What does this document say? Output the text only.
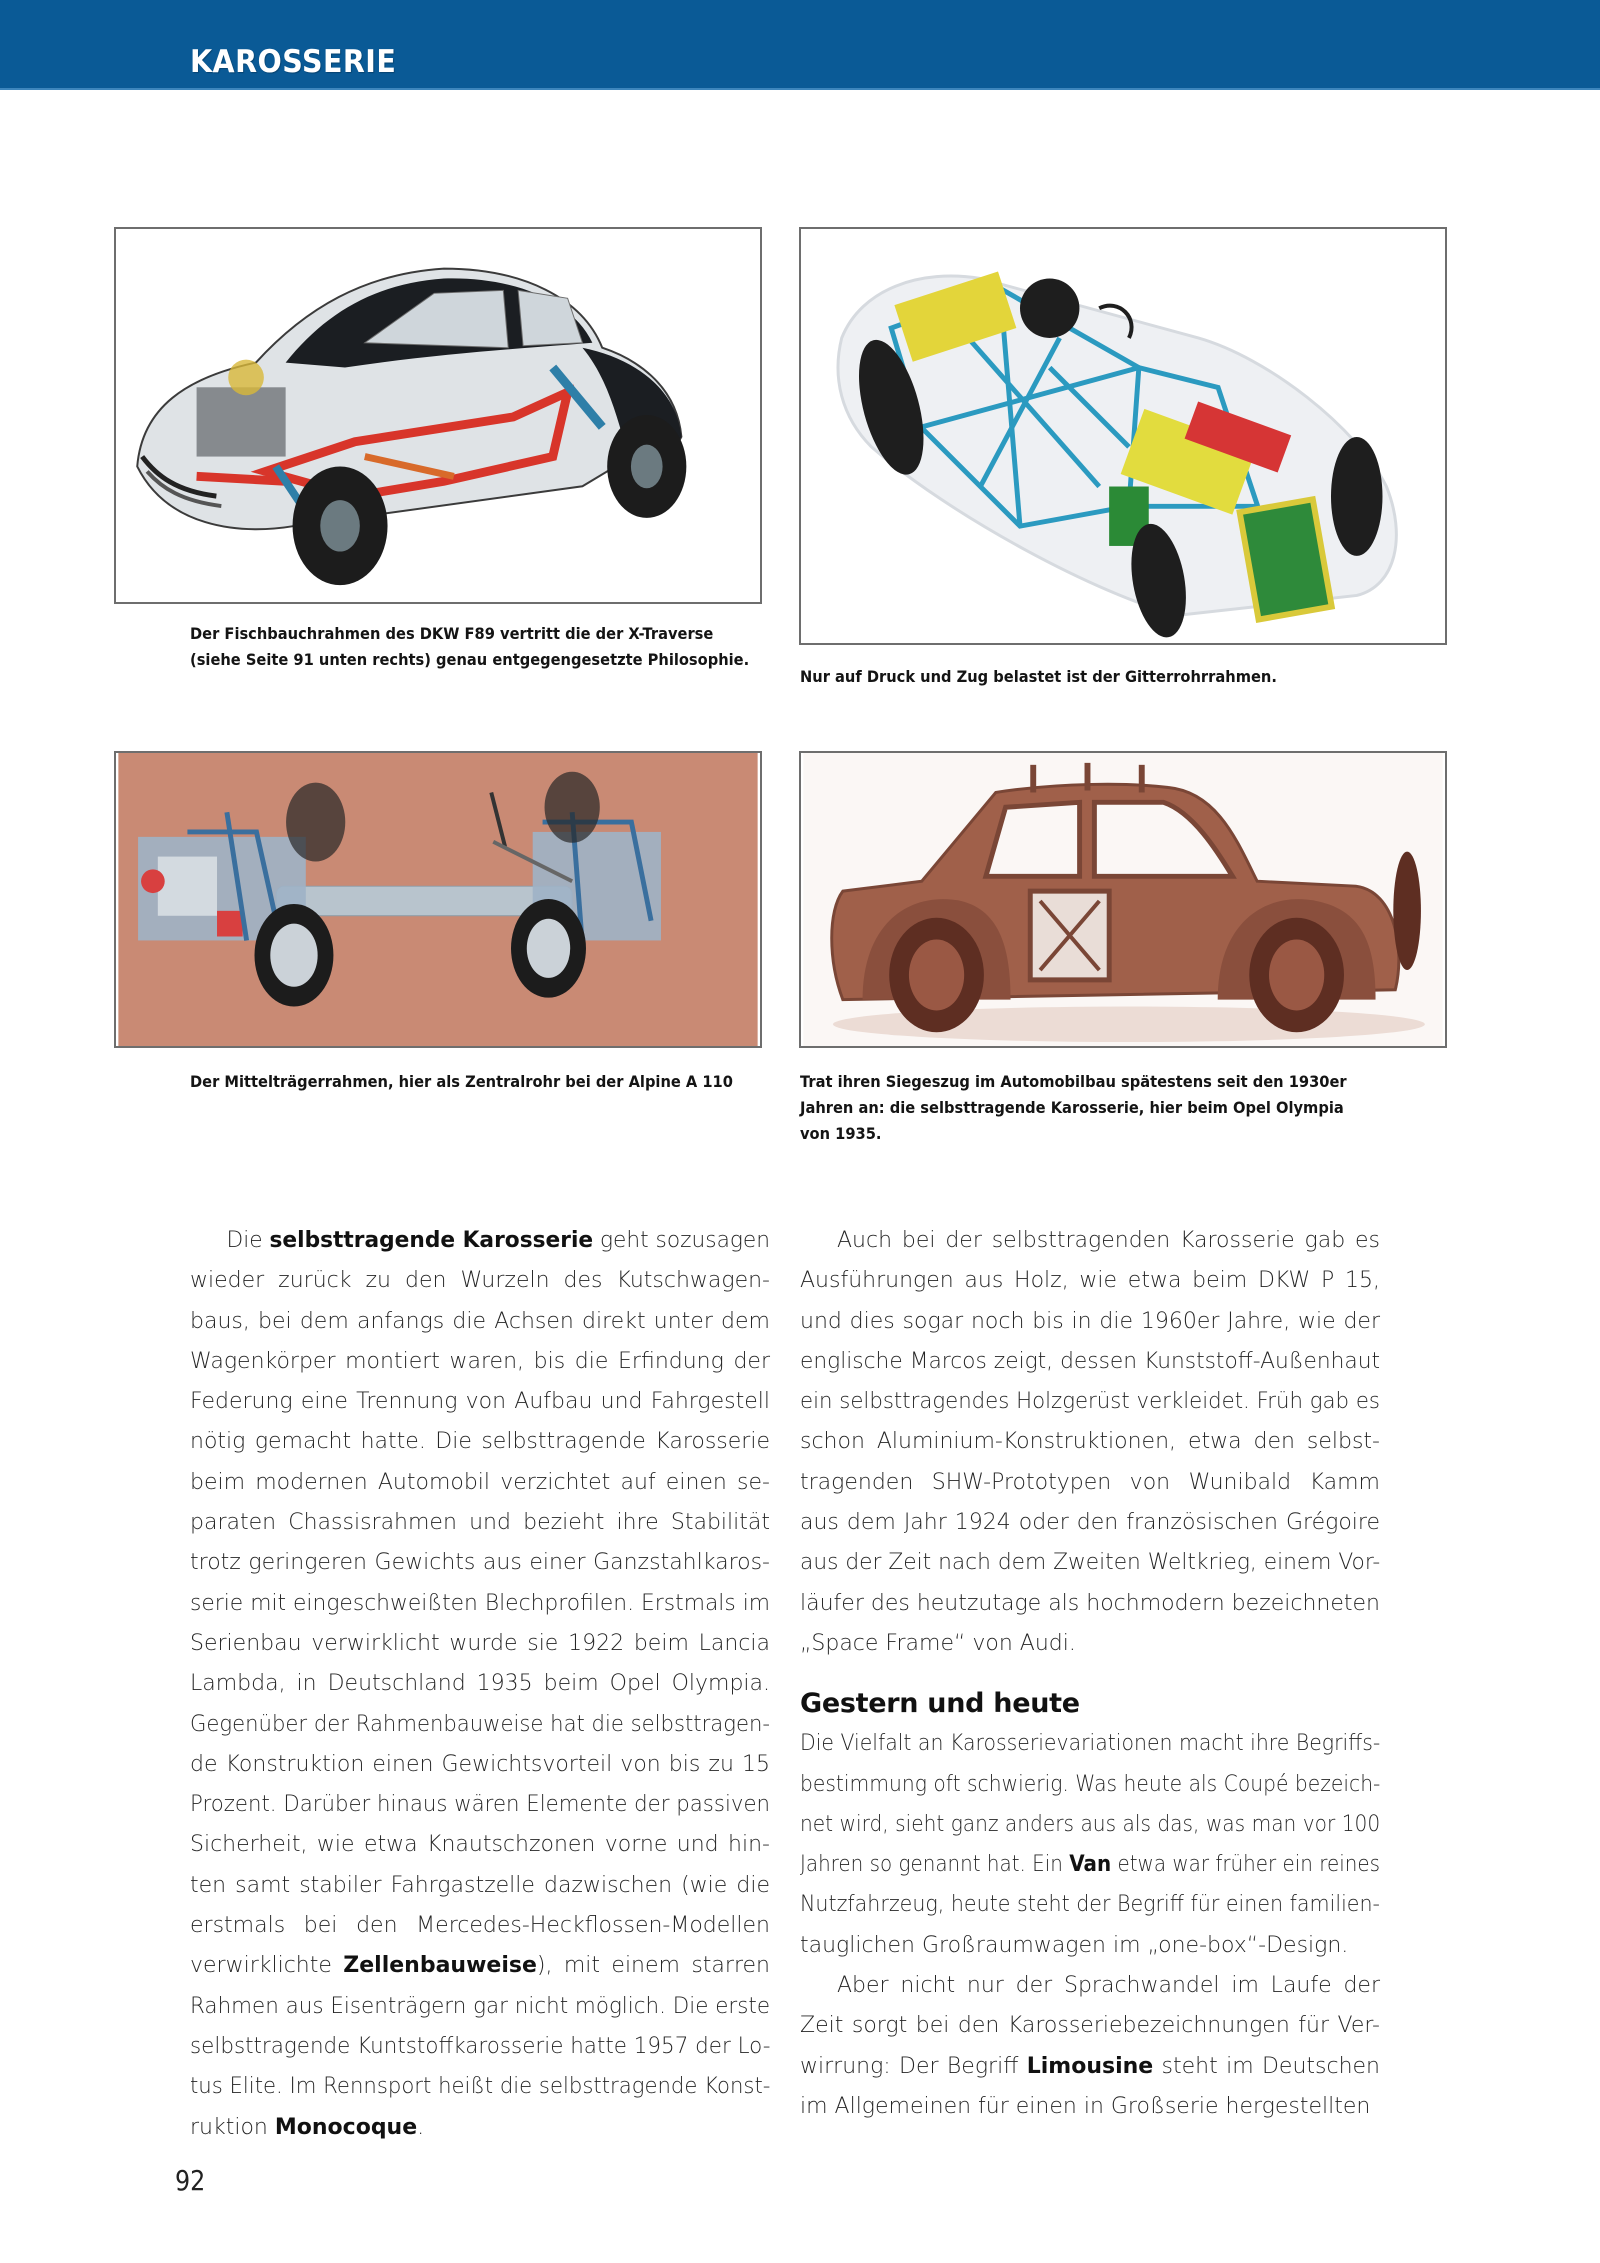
KAROSSERIE
Der Fischbauchrahmen des DKW F89 vertritt die der X-Traverse
(siehe Seite 91 unten rechts) genau entgegengesetzte Philosophie.
Nur auf Druck und Zug belastet ist der Gitterrohrrahmen.
Der Mittelträgerrahmen, hier als Zentralrohr bei der Alpine A 110	Trat ihren Siegeszug im Automobilbau spätestens seit den 1930er
Jahren an: die selbsttragende Karosserie, hier beim Opel Olympia
von 1935.
Die selbsttragende Karosserie geht sozusagen
wieder zurück zu den Wurzeln des Kutschwagen-
baus, bei dem anfangs die Achsen direkt unter dem
Wagenkörper montiert waren, bis die Erfindung der
Federung eine Trennung von Aufbau und Fahrgestell
nötig gemacht hatte. Die selbsttragende Karosserie
beim modernen Automobil verzichtet auf einen se-
paraten Chassisrahmen und bezieht ihre Stabilität
trotz geringeren Gewichts aus einer Ganzstahlkaros-
serie mit eingeschweißten Blechprofilen. Erstmals im
Serienbau verwirklicht wurde sie 1922 beim Lancia
Lambda, in Deutschland 1935 beim Opel Olympia.
Gegenüber der Rahmenbauweise hat die selbsttragen-
de Konstruktion einen Gewichtsvorteil von bis zu 15
Prozent. Darüber hinaus wären Elemente der passiven
Sicherheit, wie etwa Knautschzonen vorne und hin-
ten samt stabiler Fahrgastzelle dazwischen (wie die
erstmals bei den Mercedes-Heckflossen-Modellen
verwirklichte Zellenbauweise), mit einem starren
Rahmen aus Eisenträgern gar nicht möglich. Die erste
selbsttragende Kuntstoffkarosserie hatte 1957 der Lo-
tus Elite. Im Rennsport heißt die selbsttragende Konst-
ruktion Monocoque.
Auch bei der selbsttragenden Karosserie gab es
Ausführungen aus Holz, wie etwa beim DKW P 15,
und dies sogar noch bis in die 1960er Jahre, wie der
englische Marcos zeigt, dessen Kunststoff-Außenhaut
ein selbsttragendes Holzgerüst verkleidet. Früh gab es
schon Aluminium-Konstruktionen, etwa den selbst-
tragenden SHW-Prototypen von Wunibald Kamm
aus dem Jahr 1924 oder den französischen Grégoire
aus der Zeit nach dem Zweiten Weltkrieg, einem Vor-
läufer des heutzutage als hochmodern bezeichneten
„Space Frame“ von Audi.
Gestern und heute
Die Vielfalt an Karosserievariationen macht ihre Begriffs-
bestimmung oft schwierig. Was heute als Coupé bezeich-
net wird, sieht ganz anders aus als das, was man vor 100
Jahren so genannt hat. Ein Van etwa war früher ein reines
Nutzfahrzeug, heute steht der Begriff für einen familien-
tauglichen Großraumwagen im „one-box“-Design.
Aber nicht nur der Sprachwandel im Laufe der
Zeit sorgt bei den Karosseriebezeichnungen für Ver-
wirrung: Der Begriff Limousine steht im Deutschen
im Allgemeinen für einen in Großserie hergestellten
92
